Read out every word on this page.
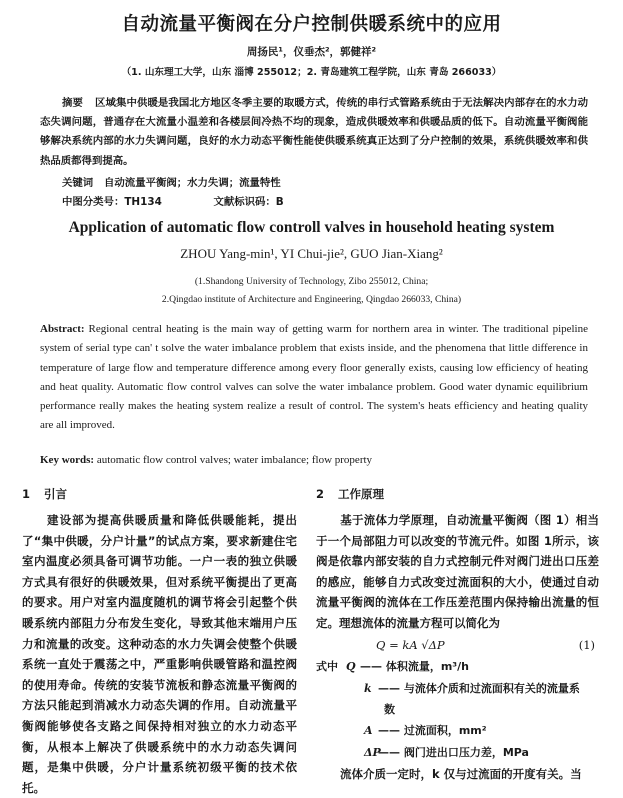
自动流量平衡阀在分户控制供暖系统中的应用
周扬民¹，仪垂杰²，郭健祥²
（1. 山东理工大学，山东 淄博 255012；2. 青岛建筑工程学院，山东 青岛 266033）
摘要 区域集中供暖是我国北方地区冬季主要的取暖方式，传统的串行式管路系统由于无法解决内部存在的水力动态失调问题，普通存在大流量小温差和各楼层间冷热不均的现象，造成供暖效率和供暖品质的低下。自动流量平衡阀能够解决系统内部的水力失调问题，良好的水力动态平衡性能使供暖系统真正达到了分户控制的效果，系统供暖效率和供热品质都得到提高。
关键词 自动流量平衡阀；水力失调；流量特性
中图分类号：TH134	文献标识码：B
Application of automatic flow controll valves in household heating system
ZHOU Yang-min¹, YI Chui-jie², GUO Jian-Xiang²
(1.Shandong University of Technology, Zibo 255012, China;
2.Qingdao institute of Architecture and Engineering, Qingdao 266033, China)
Abstract: Regional central heating is the main way of getting warm for northern area in winter. The traditional pipeline system of serial type can' t solve the water imbalance problem that exists inside, and the phenomena that little difference in temperature of large flow and temperature difference among every floor generally exists, causing low efficiency of heating and heat quality. Automatic flow control valves can solve the water imbalance problem. Good water dynamic equilibrium performance really makes the heating system realize a result of control. The system's heats efficiency and heating quality are all improved.
Key words: automatic flow control valves; water imbalance; flow property
1 引言
建设部为提高供暖质量和降低供暖能耗，提出了“集中供暖，分户计量”的试点方案，要求新建住宅室内温度必须具备可调节功能。一户一表的独立供暖方式具有很好的供暖效果，但对系统平衡提出了更高的要求。用户对室内温度随机的调节将会引起整个供暖系统内部阻力分布发生变化，导致其他末端用户压力和流量的改变。这种动态的水力失调会使整个供暖系统一直处于震荡之中，严重影响供暖管路和温控阀的使用寿命。传统的安装节流板和静态流量平衡阀的方法只能起到消减水力动态失调的作用。自动流量平衡阀能够使各支路之间保持相对独立的水力动态平衡，从根本上解决了供暖系统中的水力动态失调问题，是集中供暖，分户计量系统初级平衡的技术依托。
2 工作原理
基于流体力学原理，自动流量平衡阀（图 1）相当于一个局部阻力可以改变的节流元件。如图 1所示，该阀是依靠内部安装的自力式控制元件对阀门进出口压差的感应，能够自力式改变过流面积的大小，使通过自动流量平衡阀的流体在工作压差范围内保持输出流量的恒定。理想流体的流量方程可以简化为
Q = kA √ΔP	(1)
式中 Q —— 体积流量，m³/h
k —— 与流体介质和过流面积有关的流量系
数
A —— 过流面积，mm²
ΔP
—— 阀门进出口压力差，MPa
流体介质一定时，k 仅与过流面的开度有关。当
